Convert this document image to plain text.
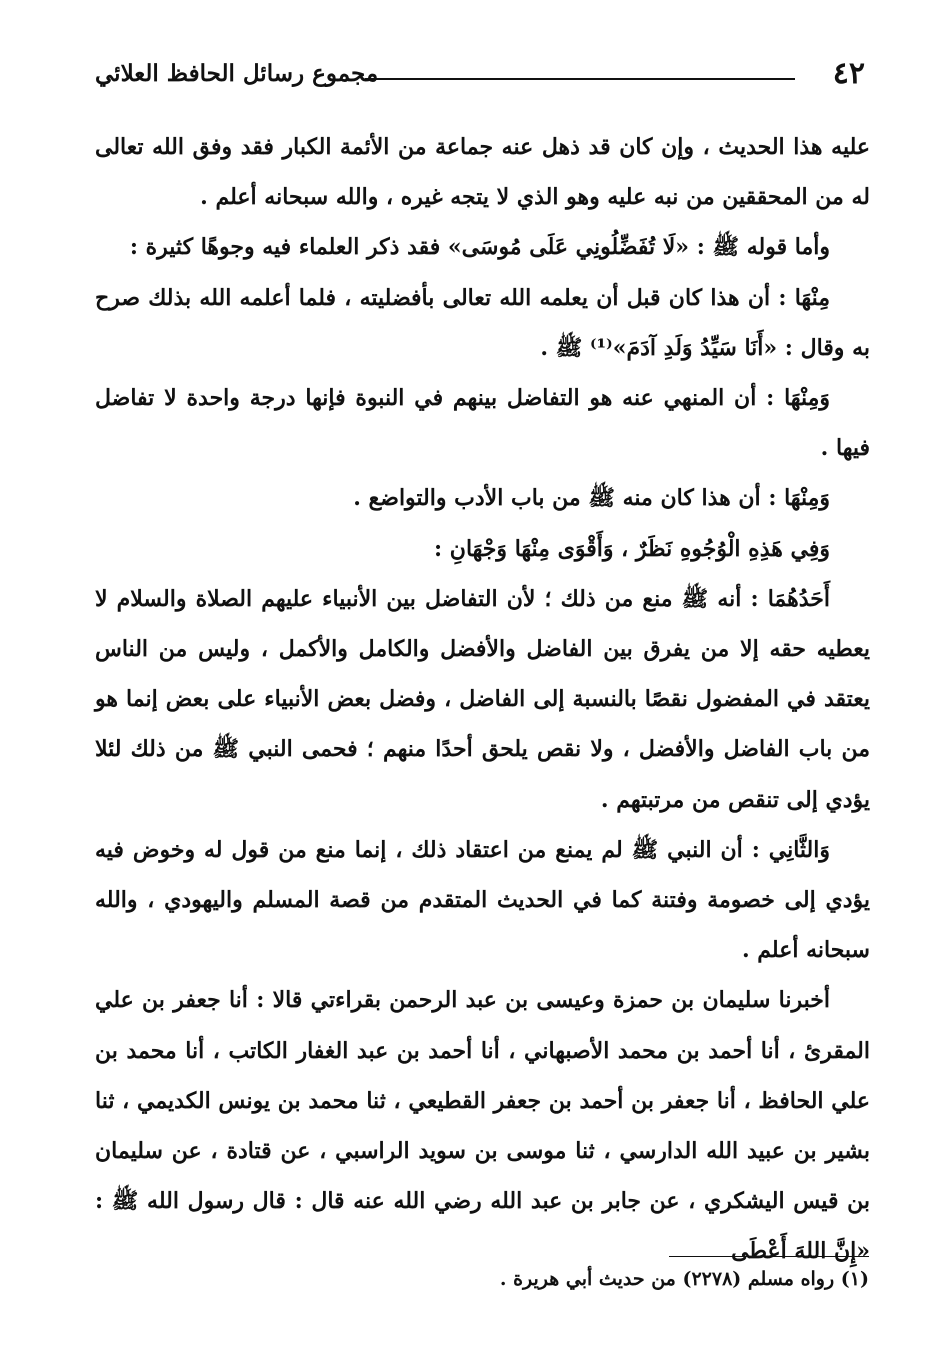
٤٢
مجموع رسائل الحافظ العلائي

عليه هذا الحديث ، وإن كان قد ذهل عنه جماعة من الأئمة الكبار فقد وفق الله تعالى له من المحققين من نبه عليه وهو الذي لا يتجه غيره ، والله سبحانه أعلم .

وأما قوله ﷺ : «لَا تُفَضِّلُونِي عَلَى مُوسَى» فقد ذكر العلماء فيه وجوهًا كثيرة :

مِنْهَا : أن هذا كان قبل أن يعلمه الله تعالى بأفضليته ، فلما أعلمه الله بذلك صرح به وقال : «أَنَا سَيِّدُ وَلَدِ آدَمَ»⁽¹⁾ ﷺ .

وَمِنْهَا : أن المنهي عنه هو التفاضل بينهم في النبوة فإنها درجة واحدة لا تفاضل فيها .

وَمِنْهَا : أن هذا كان منه ﷺ من باب الأدب والتواضع .

وَفِي هَذِهِ الْوُجُوهِ نَظَرٌ ، وَأَقْوَى مِنْهَا وَجْهَانِ :

أَحَدُهُمَا : أنه ﷺ منع من ذلك ؛ لأن التفاضل بين الأنبياء عليهم الصلاة والسلام لا يعطيه حقه إلا من يفرق بين الفاضل والأفضل والكامل والأكمل ، وليس من الناس يعتقد في المفضول نقصًا بالنسبة إلى الفاضل ، وفضل بعض الأنبياء على بعض إنما هو من باب الفاضل والأفضل ، ولا نقص يلحق أحدًا منهم ؛ فحمى النبي ﷺ من ذلك لئلا يؤدي إلى تنقص من مرتبتهم .

وَالثَّانِي : أن النبي ﷺ لم يمنع من اعتقاد ذلك ، إنما منع من قول له وخوض فيه يؤدي إلى خصومة وفتنة كما في الحديث المتقدم من قصة المسلم واليهودي ، والله سبحانه أعلم .

أخبرنا سليمان بن حمزة وعيسى بن عبد الرحمن بقراءتي قالا : أنا جعفر بن علي المقرئ ، أنا أحمد بن محمد الأصبهاني ، أنا أحمد بن عبد الغفار الكاتب ، أنا محمد بن علي الحافظ ، أنا جعفر بن أحمد بن جعفر القطيعي ، ثنا محمد بن يونس الكديمي ، ثنا بشير بن عبيد الله الدارسي ، ثنا موسى بن سويد الراسبي ، عن قتادة ، عن سليمان بن قيس اليشكري ، عن جابر بن عبد الله رضي الله عنه قال : قال رسول الله ﷺ : «إِنَّ اللهَ أَعْطَى

(١) رواه مسلم (٢٢٧٨) من حديث أبي هريرة .
